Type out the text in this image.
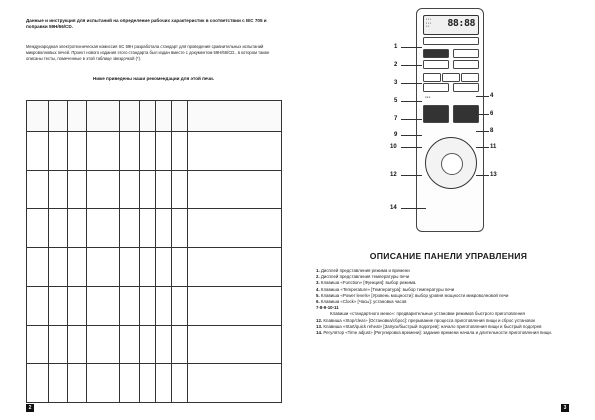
Данные и инструкция для испытаний на определение рабочих характеристик в соответствии с IEC 705 и поправки 59Н/66/CD.
Международная электротехническая комиссия SC 59Н разработала стандарт для проведения сравнительных испытаний микроволновых печей. Проект нового издания этого стандарта был издан вместе с документом 59Н/66/CD., в котором также описаны тесты, помеченные в этой таблице звездочкой (*).
Ниже приведены наши рекомендации для этой печи.

2
▪ ▪ ▪
▪ ▪ ▪
▪ ▪ 88:88
●●●
1
2
3
4
5
6
7
8
9
10	11
12	13
14
ОПИСАНИЕ ПАНЕЛИ УПРАВЛЕНИЯ

1. Дисплей представления режима и времени

2. Дисплей представления температуры печи

3. Клавиша «Function» [Функция]: выбор режима.

4. Клавиша «Temperature» [Температура]: выбор температуры печи

5. Клавиша «Power levels» [Уровень мощности]: выбор уровня мощности микроволновой печи

6. Клавиша «Clock» [Часы]: установка часов

7-8-9-10-11

Клавиши «стандартного меню»: предварительные установки режимов быстрого приготовления

12. Клавиша «Stop/clear» [Остановка/сброс]: прерывание процесса приготовления пищи и сброс установок

13. Клавиша «Start/quick reheat» [Запуск/быстрый подогрев]: начало приготовления пищи и быстрый подогрев

14. Регулятор «Time adjust» [Регулировка времени]: задание времени начала и длительности приготовления пищи.

3
